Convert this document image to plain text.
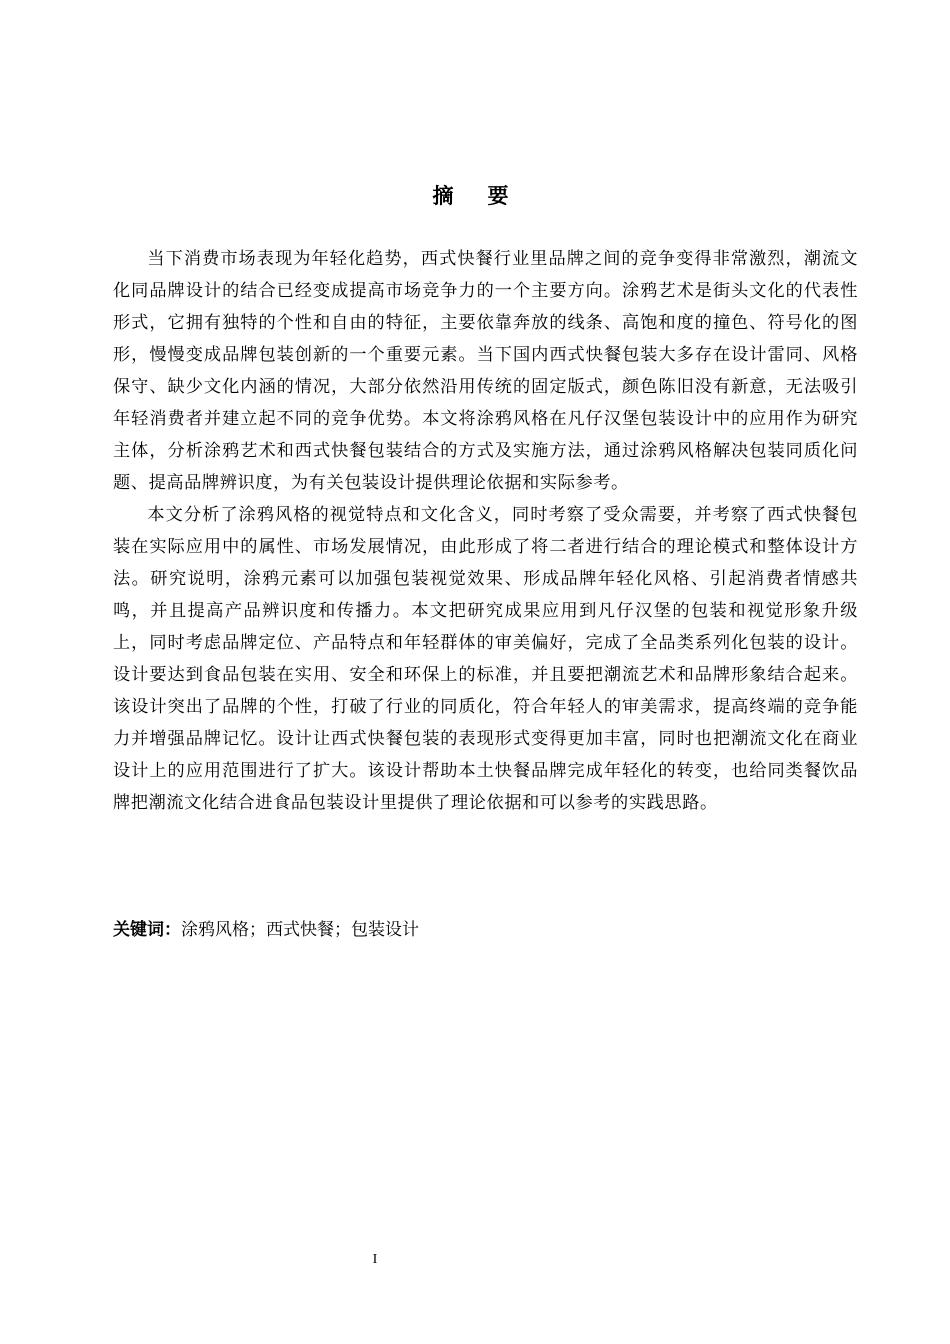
摘要

当下消费市场表现为年轻化趋势，西式快餐行业里品牌之间的竞争变得非常激烈，潮流文化同品牌设计的结合已经变成提高市场竞争力的一个主要方向。涂鸦艺术是街头文化的代表性形式，它拥有独特的个性和自由的特征，主要依靠奔放的线条、高饱和度的撞色、符号化的图形，慢慢变成品牌包装创新的一个重要元素。当下国内西式快餐包装大多存在设计雷同、风格保守、缺少文化内涵的情况，大部分依然沿用传统的固定版式，颜色陈旧没有新意，无法吸引年轻消费者并建立起不同的竞争优势。本文将涂鸦风格在凡仔汉堡包装设计中的应用作为研究主体，分析涂鸦艺术和西式快餐包装结合的方式及实施方法，通过涂鸦风格解决包装同质化问题、提高品牌辨识度，为有关包装设计提供理论依据和实际参考。

本文分析了涂鸦风格的视觉特点和文化含义，同时考察了受众需要，并考察了西式快餐包装在实际应用中的属性、市场发展情况，由此形成了将二者进行结合的理论模式和整体设计方法。研究说明，涂鸦元素可以加强包装视觉效果、形成品牌年轻化风格、引起消费者情感共鸣，并且提高产品辨识度和传播力。本文把研究成果应用到凡仔汉堡的包装和视觉形象升级上，同时考虑品牌定位、产品特点和年轻群体的审美偏好，完成了全品类系列化包装的设计。设计要达到食品包装在实用、安全和环保上的标准，并且要把潮流艺术和品牌形象结合起来。该设计突出了品牌的个性，打破了行业的同质化，符合年轻人的审美需求，提高终端的竞争能力并增强品牌记忆。设计让西式快餐包装的表现形式变得更加丰富，同时也把潮流文化在商业设计上的应用范围进行了扩大。该设计帮助本土快餐品牌完成年轻化的转变，也给同类餐饮品牌把潮流文化结合进食品包装设计里提供了理论依据和可以参考的实践思路。

关键词：涂鸦风格；西式快餐；包装设计

I
